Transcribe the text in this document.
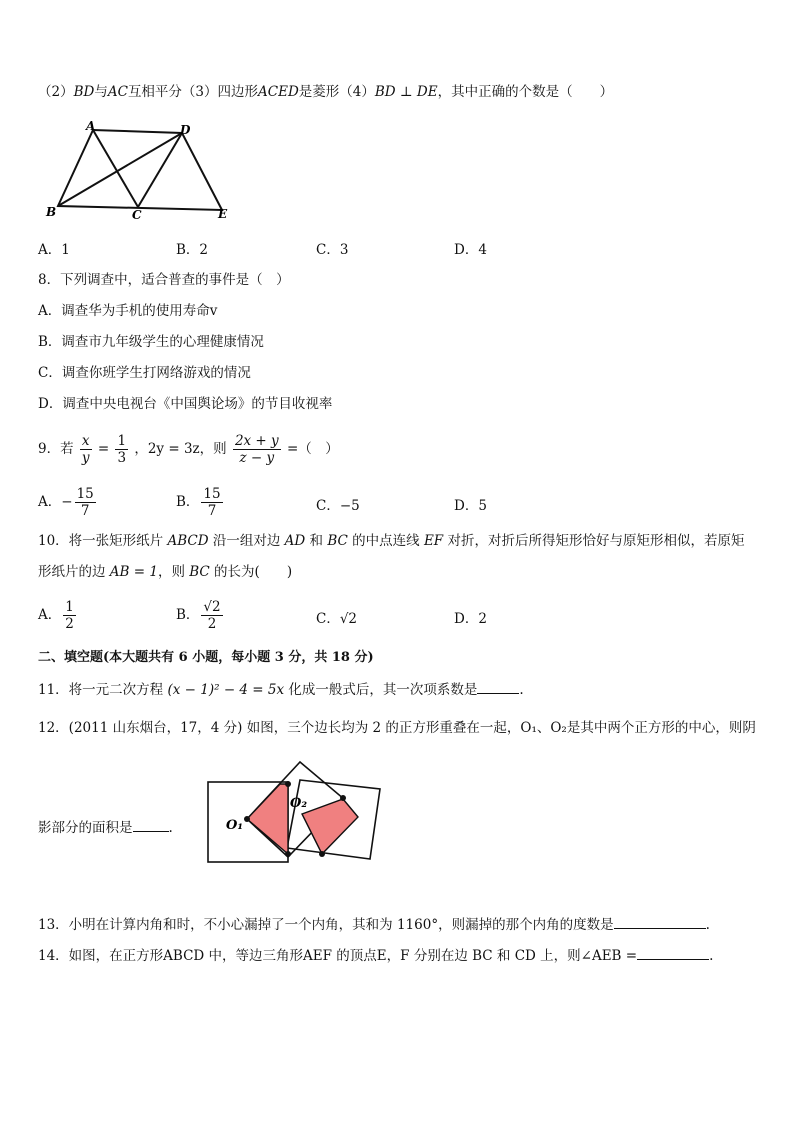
（2）BD与AC互相平分（3）四边形ACED是菱形（4）BD ⊥ DE，其中正确的个数是（　　）
A	D
B	C	E
A．1	B．2	C．3	D．4
8．下列调查中，适合普查的事件是（　）
A．调查华为手机的使用寿命v
B．调查市九年级学生的心理健康情况
C．调查你班学生打网络游戏的情况
D．调查中央电视台《中国舆论场》的节目收视率
9．若 $\frac{x}{y} = \frac{1}{3}$ ，2y = 3z，则 $\frac{2x + y}{z - y}$ =（　）
A．− $\frac{15}{7}$	B． $\frac{15}{7}$	C．−5	D．5
10．将一张矩形纸片 ABCD 沿一组对边 AD 和 BC 的中点连线 EF 对折，对折后所得矩形恰好与原矩形相似，若原矩
形纸片的边 AB = 1，则 BC 的长为(　　)
A． $\frac{1}{2}$	B． $\frac{√2}{2}$	C．√2	D．2
二、填空题(本大题共有 6 小题，每小题 3 分，共 18 分)
11．将一元二次方程 (x − 1)² − 4 = 5x 化成一般式后，其一次项系数是	.
12．(2011 山东烟台，17，4 分) 如图，三个边长均为 2 的正方形重叠在一起，O₁、O₂是其中两个正方形的中心，则阴
O₁
O₂
影部分的面积是	.
13．小明在计算内角和时，不小心漏掉了一个内角，其和为 1160°，则漏掉的那个内角的度数是	.
14．如图，在正方形ABCD 中，等边三角形AEF 的顶点E，F 分别在边 BC 和 CD 上，则∠AEB =	.
